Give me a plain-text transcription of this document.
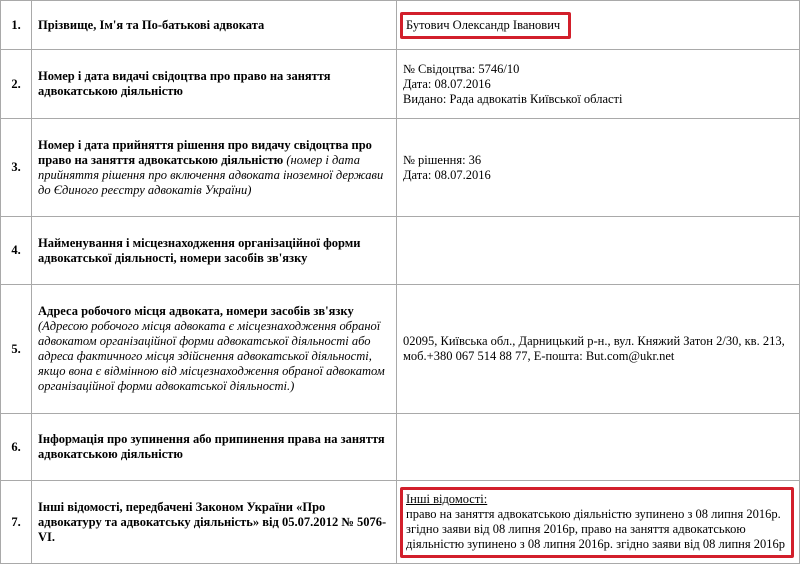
1.	Прізвище, Ім'я та По-батькові адвоката	Бутович Олександр Іванович
2.	Номер і дата видачі свідоцтва про право на заняття адвокатською діяльністю	№ Свідоцтва: 5746/10
Дата: 08.07.2016
Видано: Рада адвокатів Київської області

3.	Номер і дата прийняття рішення про видачу свідоцтва про право на заняття адвокатською діяльністю (номер і дата прийняття рішення про включення адвоката іноземної держави до Єдиного реєстру адвокатів України)	№ рішення: 36
Дата: 08.07.2016

4.	Найменування і місцезнаходження організаційної форми адвокатської діяльності, номери засобів зв'язку	
5.	Адреса робочого місця адвоката, номери засобів зв'язку
(Адресою робочого місця адвоката є місцезнаходження обраної адвокатом організаційної форми адвокатської діяльності або адреса фактичного місця здійснення адвокатської діяльності, якщо вона є відмінною від місцезнаходження обраної адвокатом організаційної форми адвокатської діяльності.)	02095, Київська обл., Дарницький р-н., вул. Княжий Затон 2/30, кв. 213,
моб.+380 067 514 88 77, E-пошта: But.com@ukr.net

6.	Інформація про зупинення або припинення права на заняття адвокатською діяльністю	
7.	Інші відомості, передбачені Законом України «Про адвокатуру та адвокатську діяльність» від 05.07.2012 № 5076-VI.	Інші відомості:
право на заняття адвокатською діяльністю зупинено з 08 липня 2016р. згідно заяви від 08 липня 2016р, право на заняття адвокатською діяльністю зупинено з 08 липня 2016р. згідно заяви від 08 липня 2016р
